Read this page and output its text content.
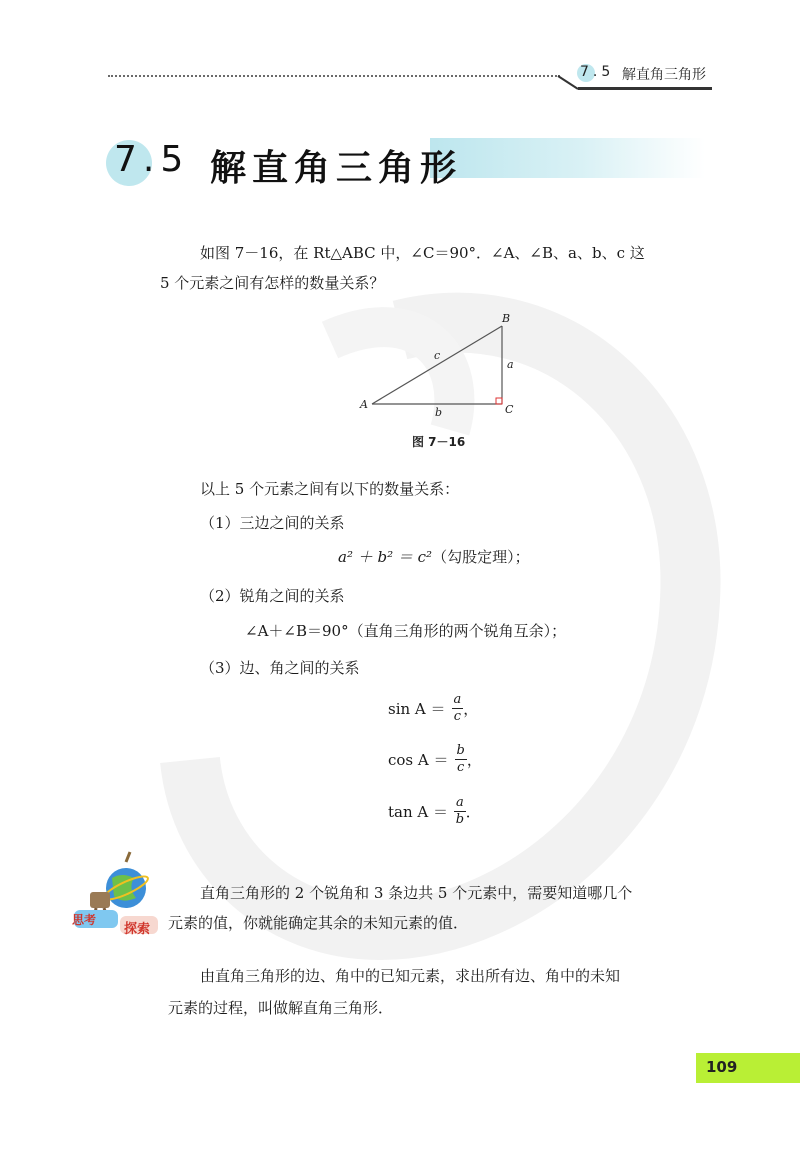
7.5 解直角三角形
7.5 解直角三角形
如图 7－16，在 Rt△ABC 中，∠C＝90°．∠A、∠B、a、b、c 这
5 个元素之间有怎样的数量关系？
A
B
C
a
b
c
图 7－16
以上 5 个元素之间有以下的数量关系：
（1）三边之间的关系
a² ＋ b² ＝ c²（勾股定理）；
（2）锐角之间的关系
∠A＋∠B＝90°（直角三角形的两个锐角互余）；
（3）边、角之间的关系
$\sin A = \frac{a}{c}$ ，
$\cos A = \frac{b}{c}$ ，
$\tan A = \frac{a}{b}$ ．
思考
探索
直角三角形的 2 个锐角和 3 条边共 5 个元素中，需要知道哪几个
元素的值，你就能确定其余的未知元素的值．
由直角三角形的边、角中的已知元素，求出所有边、角中的未知
元素的过程，叫做解直角三角形．
109
